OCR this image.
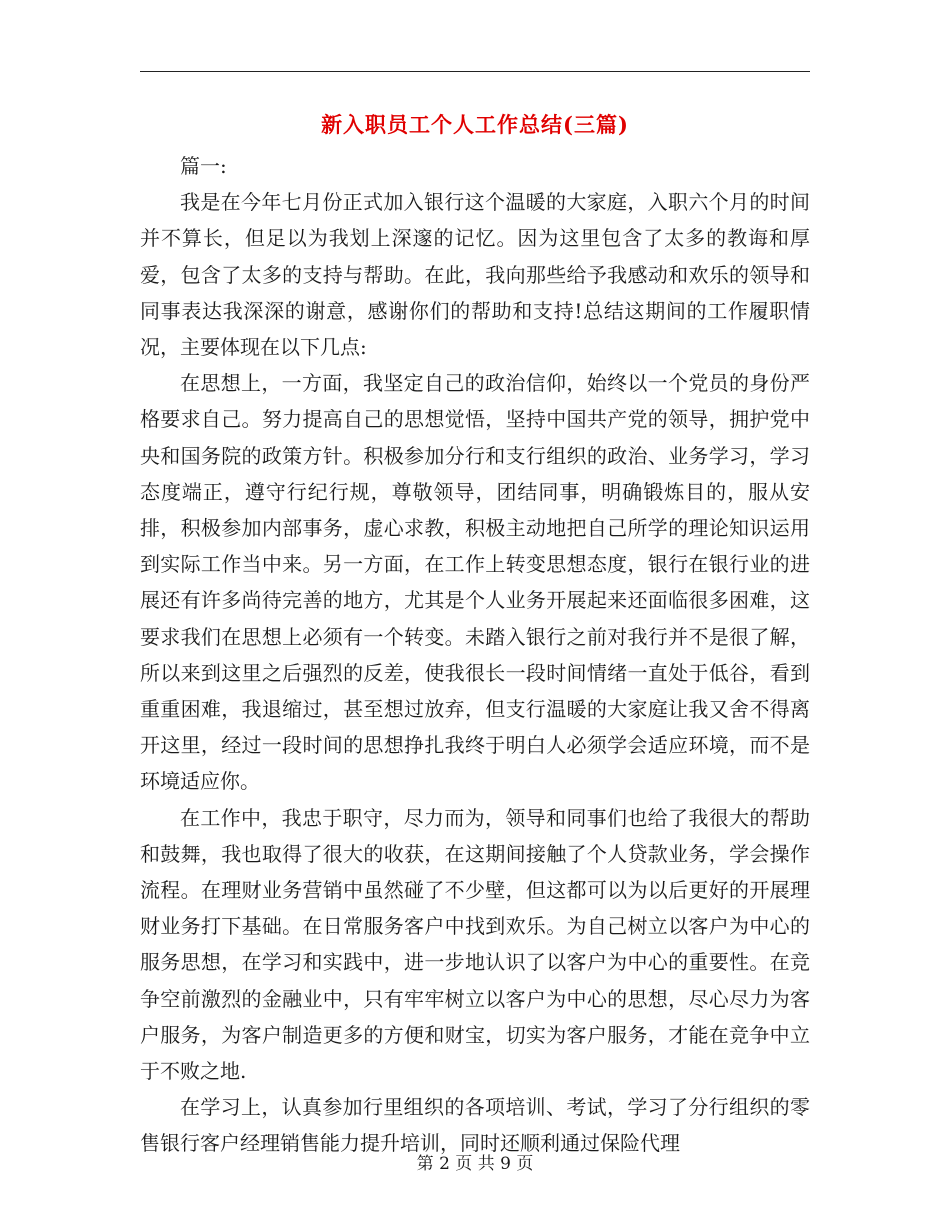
新入职员工个人工作总结(三篇)

篇一:

我是在今年七月份正式加入银行这个温暖的大家庭，入职六个月的时间并不算长，但足以为我划上深邃的记忆。因为这里包含了太多的教诲和厚爱，包含了太多的支持与帮助。在此，我向那些给予我感动和欢乐的领导和同事表达我深深的谢意，感谢你们的帮助和支持!总结这期间的工作履职情况，主要体现在以下几点:

在思想上，一方面，我坚定自己的政治信仰，始终以一个党员的身份严格要求自己。努力提高自己的思想觉悟，坚持中国共产党的领导，拥护党中央和国务院的政策方针。积极参加分行和支行组织的政治、业务学习，学习态度端正，遵守行纪行规，尊敬领导，团结同事，明确锻炼目的，服从安排，积极参加内部事务，虚心求教，积极主动地把自己所学的理论知识运用到实际工作当中来。另一方面，在工作上转变思想态度，银行在银行业的进展还有许多尚待完善的地方，尤其是个人业务开展起来还面临很多困难，这要求我们在思想上必须有一个转变。未踏入银行之前对我行并不是很了解，所以来到这里之后强烈的反差，使我很长一段时间情绪一直处于低谷，看到重重困难，我退缩过，甚至想过放弃，但支行温暖的大家庭让我又舍不得离开这里，经过一段时间的思想挣扎我终于明白人必须学会适应环境，而不是环境适应你。

在工作中，我忠于职守，尽力而为，领导和同事们也给了我很大的帮助和鼓舞，我也取得了很大的收获，在这期间接触了个人贷款业务，学会操作流程。在理财业务营销中虽然碰了不少壁，但这都可以为以后更好的开展理财业务打下基础。在日常服务客户中找到欢乐。为自己树立以客户为中心的服务思想，在学习和实践中，进一步地认识了以客户为中心的重要性。在竞争空前激烈的金融业中，只有牢牢树立以客户为中心的思想，尽心尽力为客户服务，为客户制造更多的方便和财宝，切实为客户服务，才能在竞争中立于不败之地.

在学习上，认真参加行里组织的各项培训、考试，学习了分行组织的零售银行客户经理销售能力提升培训，同时还顺利通过保险代理

第 2 页 共 9 页
